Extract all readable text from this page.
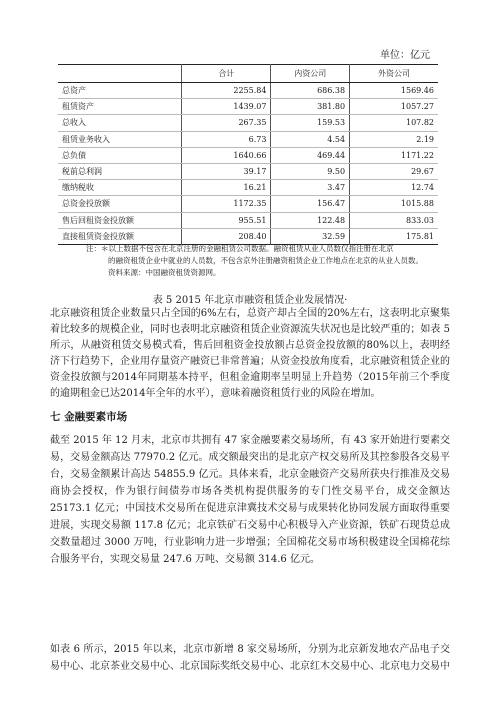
单位：亿元
	合计	内资公司	外资公司
总资产	2255.84	686.38	1569.46
租赁资产	1439.07	381.80	1057.27
总收入	267.35	159.53	107.82
租赁业务收入	6.73	4.54	2.19
总负债	1640.66	469.44	1171.22
税前总利润	39.17	9.50	29.67
缴纳税收	16.21	3.47	12.74
总资金投放额	1172.35	156.47	1015.88
售后回租资金投放额	955.51	122.48	833.03
直接租赁资金投放额	208.40	32.59	175.81
注：＊以上数据不包含在北京注册的金融租赁公司数据。融资租赁从业人员数仅指注册在北京
的融资租赁企业中就业的人员数，不包含京外注册融资租赁企业工作地点在北京的从业人员数。
资料来源：中国融资租赁资源网。
表 5 2015 年北京市融资租赁企业发展情况·
北京融资租赁企业数量只占全国的6%左右，总资产却占全国的20%左右，这表明北京聚集着比较多的规模企业，同时也表明北京融资租赁企业资源流失状况也是比较严重的；如表 5 所示，从融资租赁交易模式看，售后回租资金投放额占总资金投放额的80%以上，表明经济下行趋势下，企业用存量资产融资已非常普遍；从资金投放角度看，北京融资租赁企业的资金投放额与2014年同期基本持平，但租金逾期率呈明显上升趋势（2015年前三个季度的逾期租金已达2014年全年的水平），意味着融资租赁行业的风险在增加。
七 金融要素市场
截至 2015 年 12 月末，北京市共拥有 47 家金融要素交易场所，有 43 家开始进行要素交易，交易金额高达 77970.2 亿元。成交额最突出的是北京产权交易所及其控参股各交易平台，交易金额累计高达 54855.9 亿元。具体来看，北京金融资产交易所获央行推准及交易商协会授权，作为银行间债券市场各类机构提供服务的专门性交易平台，成交金额达 25173.1 亿元；中国技术交易所在促进京津冀技术交易与成果转化协同发展方面取得重要进展，实现交易额 117.8 亿元；北京铁矿石交易中心积极导入产业资源，铁矿石现货总成交数量超过 3000 万吨，行业影响力进一步增强；全国棉花交易市场积极建设全国棉花综合服务平台，实现交易量 247.6 万吨、交易额 314.6 亿元。
如表 6 所示，2015 年以来，北京市新增 8 家交易场所，分别为北京新发地农产品电子交易中心、北京茶业交易中心、北京国际奖纸交易中心、北京红木交易中心、北京电力交易中
